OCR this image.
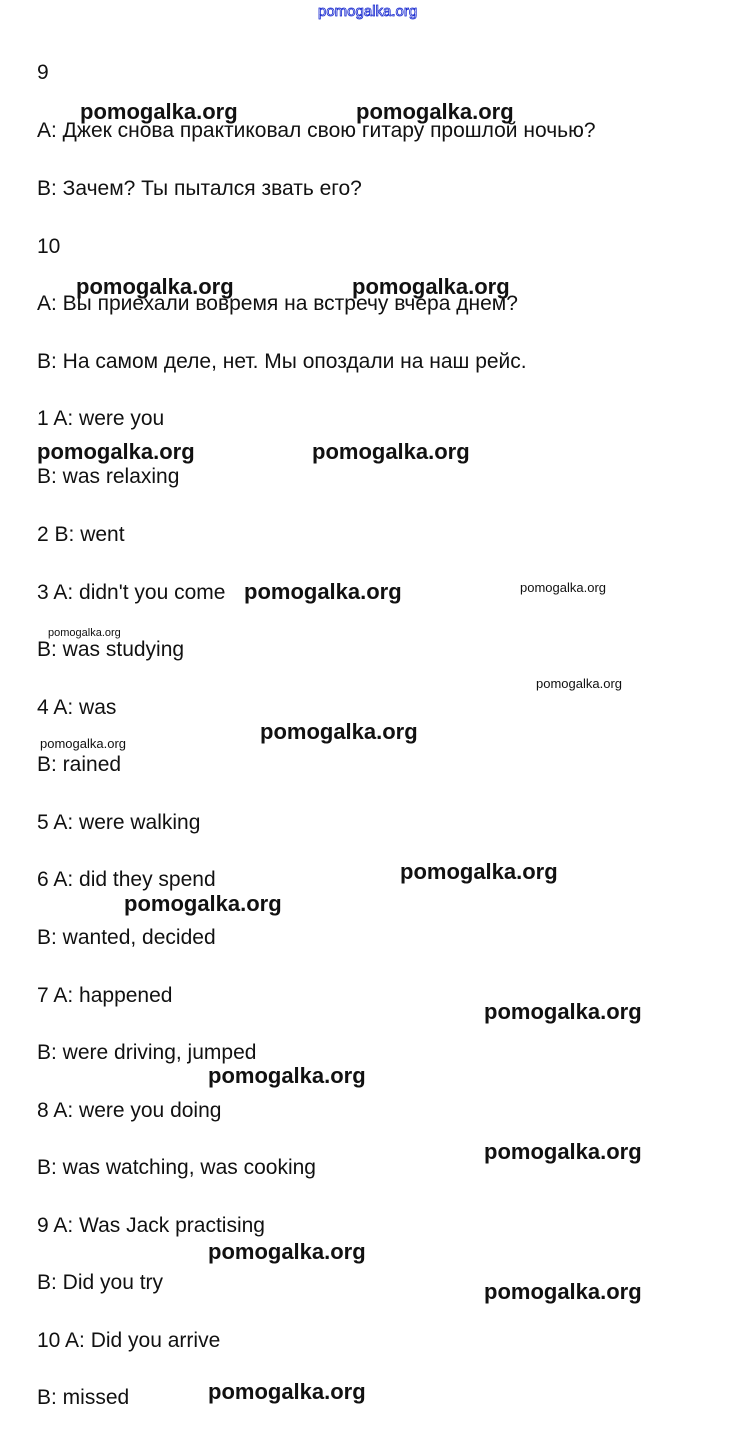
pomogalka.org
9
A: Джек снова практиковал свою гитару прошлой ночью?
B: Зачем? Ты пытался звать его?
10
A: Вы приехали вовремя на встречу вчера днем?
B: На самом деле, нет. Мы опоздали на наш рейс.
1 A: were you
B: was relaxing
2 B: went
3 A: didn't you come
B: was studying
4 A: was
B: rained
5 A: were walking
6 A: did they spend
B: wanted, decided
7 A: happened
B: were driving, jumped
8 A: were you doing
B: was watching, was cooking
9 A: Was Jack practising
B: Did you try
10 A: Did you arrive
B: missed
pomogalka.org	pomogalka.org
pomogalka.org	pomogalka.org
pomogalka.org	pomogalka.org
pomogalka.org	pomogalka.org
pomogalka.org
pomogalka.org
pomogalka.org
pomogalka.org
pomogalka.org
pomogalka.org
pomogalka.org
pomogalka.org
pomogalka.org
pomogalka.org
pomogalka.org
pomogalka.org
